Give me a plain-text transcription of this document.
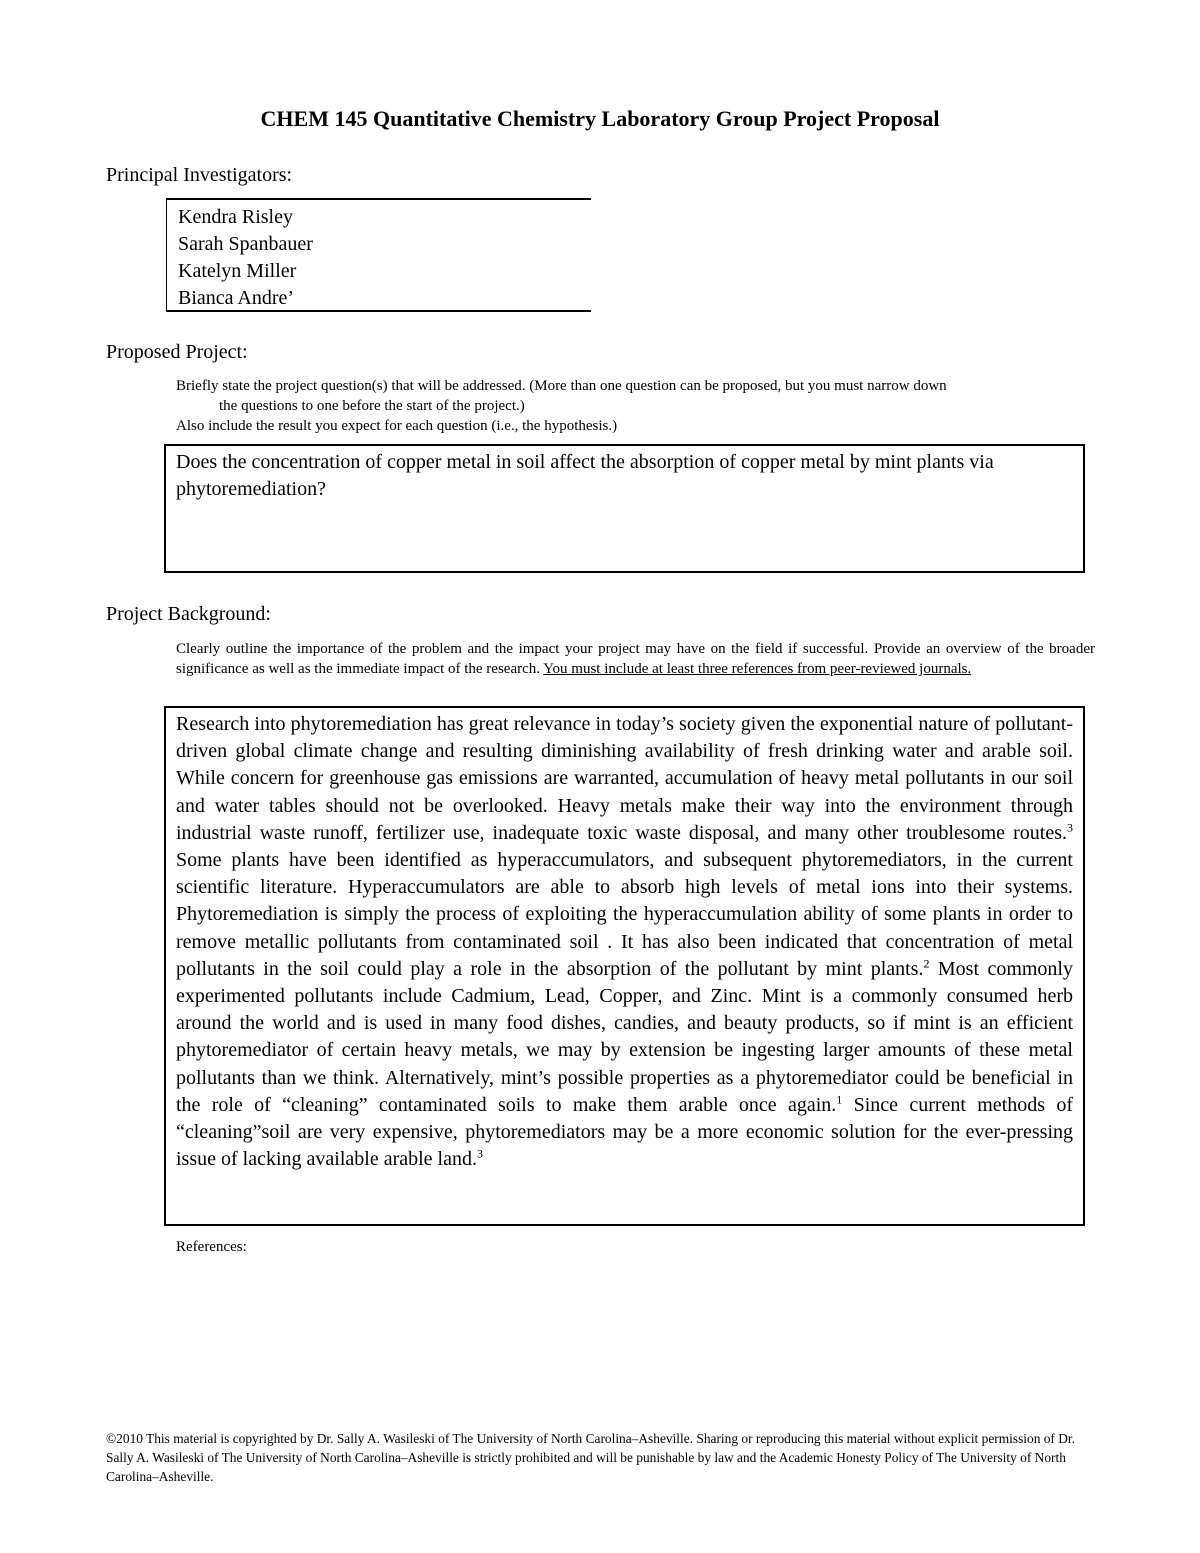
CHEM 145 Quantitative Chemistry Laboratory Group Project Proposal
Principal Investigators:
Kendra Risley
Sarah Spanbauer
Katelyn Miller
Bianca Andre’
Proposed Project:
Briefly state the project question(s) that will be addressed. (More than one question can be proposed, but you must narrow down
the questions to one before the start of the project.)
Also include the result you expect for each question (i.e., the hypothesis.)
Does the concentration of copper metal in soil affect the absorption of copper metal by mint plants via phytoremediation?
Project Background:
Clearly outline the importance of the problem and the impact your project may have on the field if successful. Provide an overview of the broader significance as well as the immediate impact of the research. You must include at least three references from peer-reviewed journals.
Research into phytoremediation has great relevance in today’s society given the exponential nature of pollutant-driven global climate change and resulting diminishing availability of fresh drinking water and arable soil. While concern for greenhouse gas emissions are warranted, accumulation of heavy metal pollutants in our soil and water tables should not be overlooked. Heavy metals make their way into the environment through industrial waste runoff, fertilizer use, inadequate toxic waste disposal, and many other troublesome routes.$^3$ Some plants have been identified as hyperaccumulators, and subsequent phytoremediators, in the current scientific literature. Hyperaccumulators are able to absorb high levels of metal ions into their systems. Phytoremediation is simply the process of exploiting the hyperaccumulation ability of some plants in order to remove metallic pollutants from contaminated soil . It has also been indicated that concentration of metal pollutants in the soil could play a role in the absorption of the pollutant by mint plants.$^2$ Most commonly experimented pollutants include Cadmium, Lead, Copper, and Zinc. Mint is a commonly consumed herb around the world and is used in many food dishes, candies, and beauty products, so if mint is an efficient phytoremediator of certain heavy metals, we may by extension be ingesting larger amounts of these metal pollutants than we think. Alternatively, mint’s possible properties as a phytoremediator could be beneficial in the role of “cleaning” contaminated soils to make them arable once again.$^1$ Since current methods of “cleaning”soil are very expensive, phytoremediators may be a more economic solution for the ever-pressing issue of lacking available arable land.$^3$
References:
©2010 This material is copyrighted by Dr. Sally A. Wasileski of The University of North Carolina–Asheville. Sharing or reproducing this material without explicit permission of Dr. Sally A. Wasileski of The University of North Carolina–Asheville is strictly prohibited and will be punishable by law and the Academic Honesty Policy of The University of North Carolina–Asheville.
